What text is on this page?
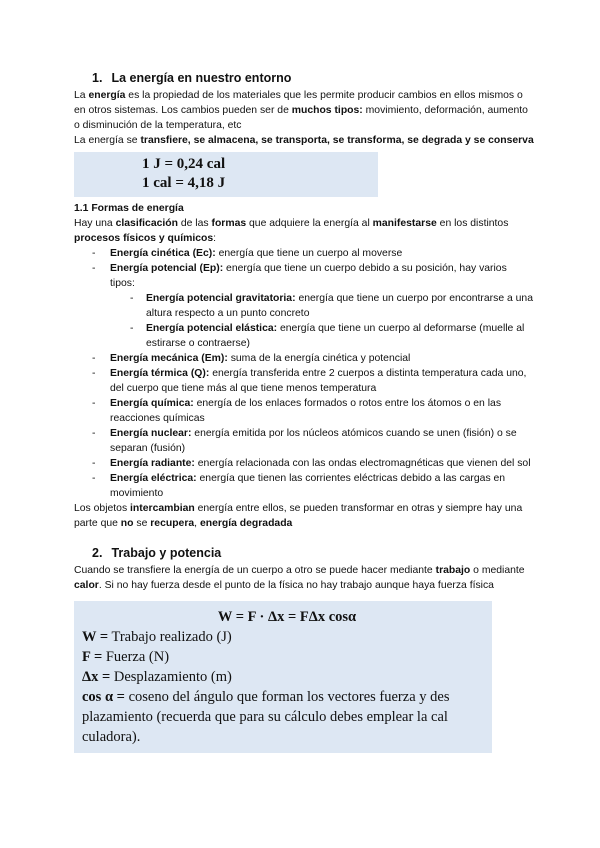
1. La energía en nuestro entorno

La energía es la propiedad de los materiales que les permite producir cambios en ellos mismos o en otros sistemas. Los cambios pueden ser de muchos tipos: movimiento, deformación, aumento o disminución de la temperatura, etc

La energía se transfiere, se almacena, se transporta, se transforma, se degrada y se conserva

1 J = 0,24 cal
1 cal = 4,18 J
1.1 Formas de energía

Hay una clasificación de las formas que adquiere la energía al manifestarse en los distintos procesos físicos y químicos:

- Energía cinética (Ec): energía que tiene un cuerpo al moverse
- Energía potencial (Ep): energía que tiene un cuerpo debido a su posición, hay varios tipos:
- Energía potencial gravitatoria: energía que tiene un cuerpo por encontrarse a una altura respecto a un punto concreto
- Energía potencial elástica: energía que tiene un cuerpo al deformarse (muelle al estirarse o contraerse)
- Energía mecánica (Em): suma de la energía cinética y potencial
- Energía térmica (Q): energía transferida entre 2 cuerpos a distinta temperatura cada uno, del cuerpo que tiene más al que tiene menos temperatura
- Energía química: energía de los enlaces formados o rotos entre los átomos o en las reacciones químicas
- Energía nuclear: energía emitida por los núcleos atómicos cuando se unen (fisión) o se separan (fusión)
- Energía radiante: energía relacionada con las ondas electromagnéticas que vienen del sol
- Energía eléctrica: energía que tienen las corrientes eléctricas debido a las cargas en movimiento

Los objetos intercambian energía entre ellos, se pueden transformar en otras y siempre hay una parte que no se recupera, energía degradada

2. Trabajo y potencia

Cuando se transfiere la energía de un cuerpo a otro se puede hacer mediante trabajo o mediante calor. Si no hay fuerza desde el punto de la física no hay trabajo aunque haya fuerza física

W = F · Δx = FΔx cosα
W = Trabajo realizado (J)
F = Fuerza (N)
Δx = Desplazamiento (m)
cos α = coseno del ángulo que forman los vectores fuerza y des plazamiento (recuerda que para su cálculo debes emplear la cal culadora).
